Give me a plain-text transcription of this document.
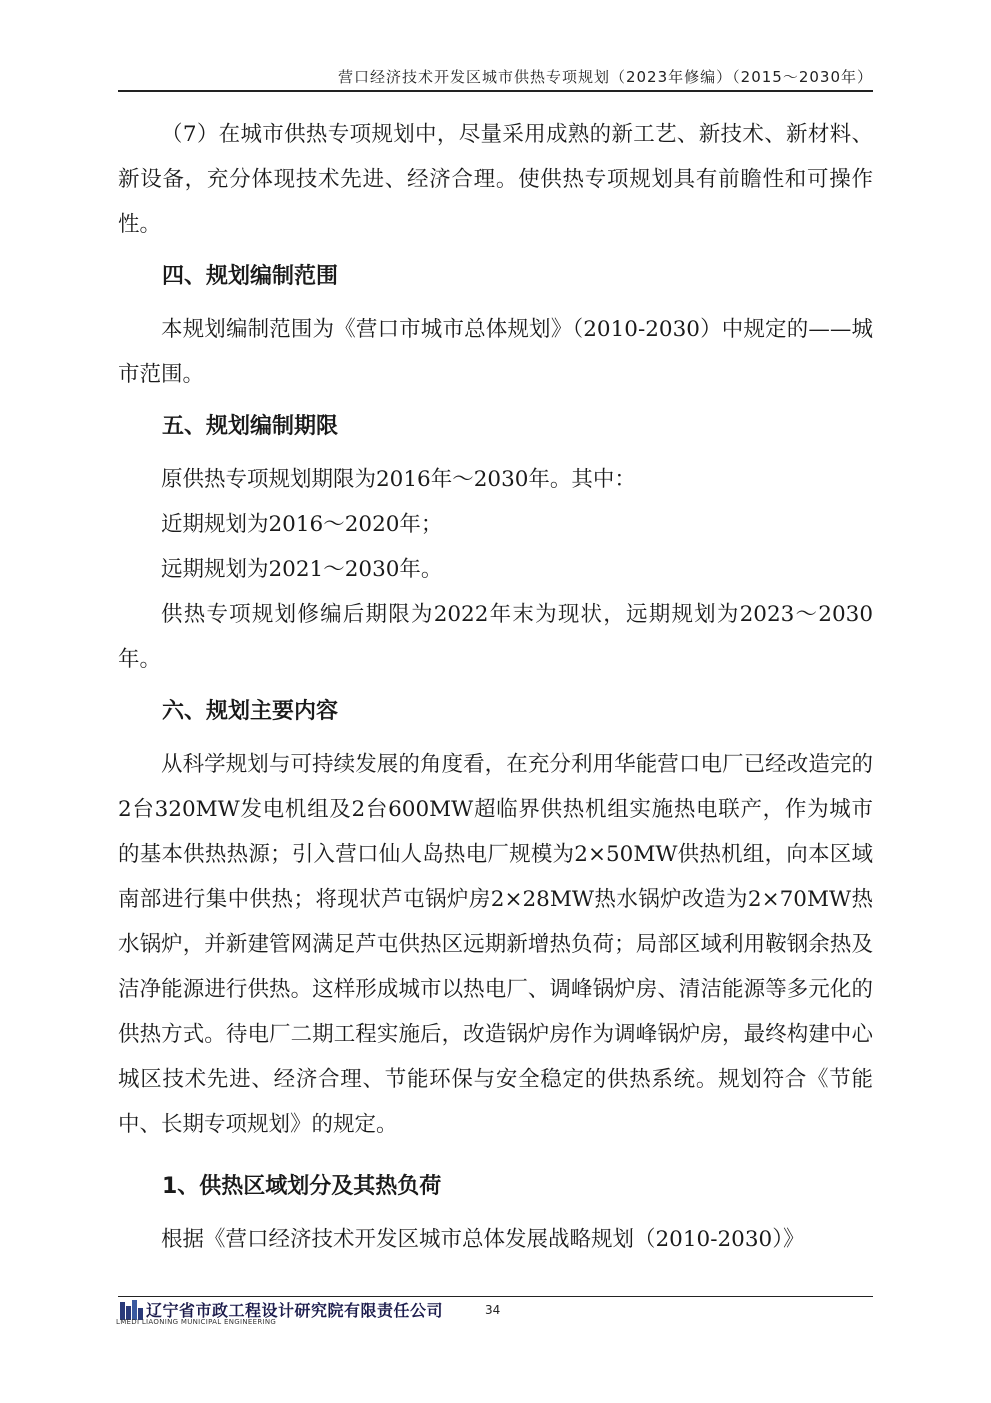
营口经济技术开发区城市供热专项规划（2023年修编）（2015～2030年）

（7）在城市供热专项规划中，尽量采用成熟的新工艺、新技术、新材料、新设备，充分体现技术先进、经济合理。使供热专项规划具有前瞻性和可操作性。

四、规划编制范围

本规划编制范围为《营口市城市总体规划》（2010-2030）中规定的——城市范围。

五、规划编制期限

原供热专项规划期限为2016年～2030年。其中：

近期规划为2016～2020年；

远期规划为2021～2030年。

供热专项规划修编后期限为2022年末为现状，远期规划为2023～2030年。

六、规划主要内容

从科学规划与可持续发展的角度看，在充分利用华能营口电厂已经改造完的2台320MW发电机组及2台600MW超临界供热机组实施热电联产，作为城市的基本供热热源；引入营口仙人岛热电厂规模为2×50MW供热机组，向本区域南部进行集中供热；将现状芦屯锅炉房2×28MW热水锅炉改造为2×70MW热水锅炉，并新建管网满足芦屯供热区远期新增热负荷；局部区域利用鞍钢余热及洁净能源进行供热。这样形成城市以热电厂、调峰锅炉房、清洁能源等多元化的供热方式。待电厂二期工程实施后，改造锅炉房作为调峰锅炉房，最终构建中心城区技术先进、经济合理、节能环保与安全稳定的供热系统。规划符合《节能中、长期专项规划》的规定。

1、供热区域划分及其热负荷

根据《营口经济技术开发区城市总体发展战略规划（2010-2030）》

辽宁省市政工程设计研究院有限责任公司
LMEDI LIAONING MUNICIPAL ENGINEERING
34
